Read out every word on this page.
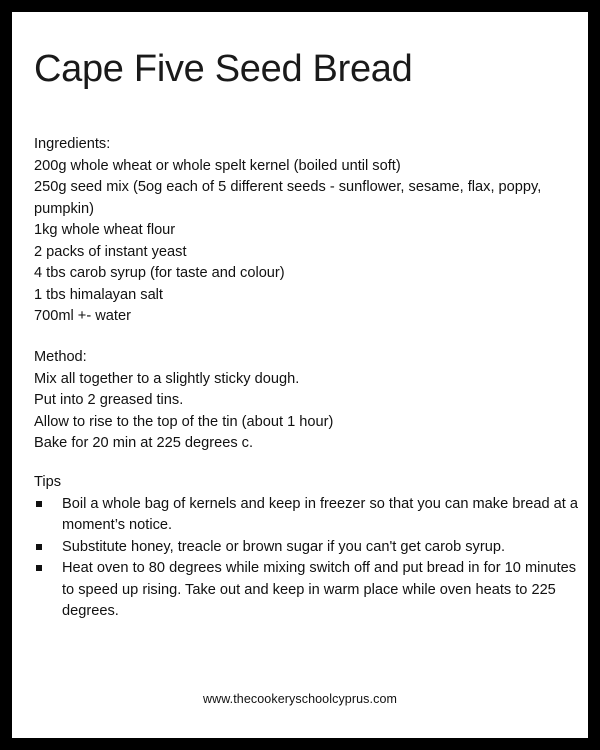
Cape Five Seed Bread
Ingredients:
200g whole wheat or whole spelt kernel (boiled until soft)
250g seed mix (5og each of 5 different seeds - sunflower, sesame, flax, poppy, pumpkin)
1kg whole wheat flour
2 packs of instant yeast
4 tbs carob syrup (for taste and colour)
1 tbs himalayan salt
700ml +- water
Method:
Mix all together to a slightly sticky dough.
Put into 2 greased tins.
Allow to rise to the top of the tin (about 1 hour)
Bake for 20 min at 225 degrees c.
Tips
Boil a whole bag of kernels and keep in freezer so that you can make bread at a moment’s notice.
Substitute honey, treacle or brown sugar if you can't get carob syrup.
Heat oven to 80 degrees while mixing switch off and put bread in for 10 minutes to speed up rising. Take out and keep in warm place while oven heats to 225 degrees.
www.thecookeryschoolcyprus.com
